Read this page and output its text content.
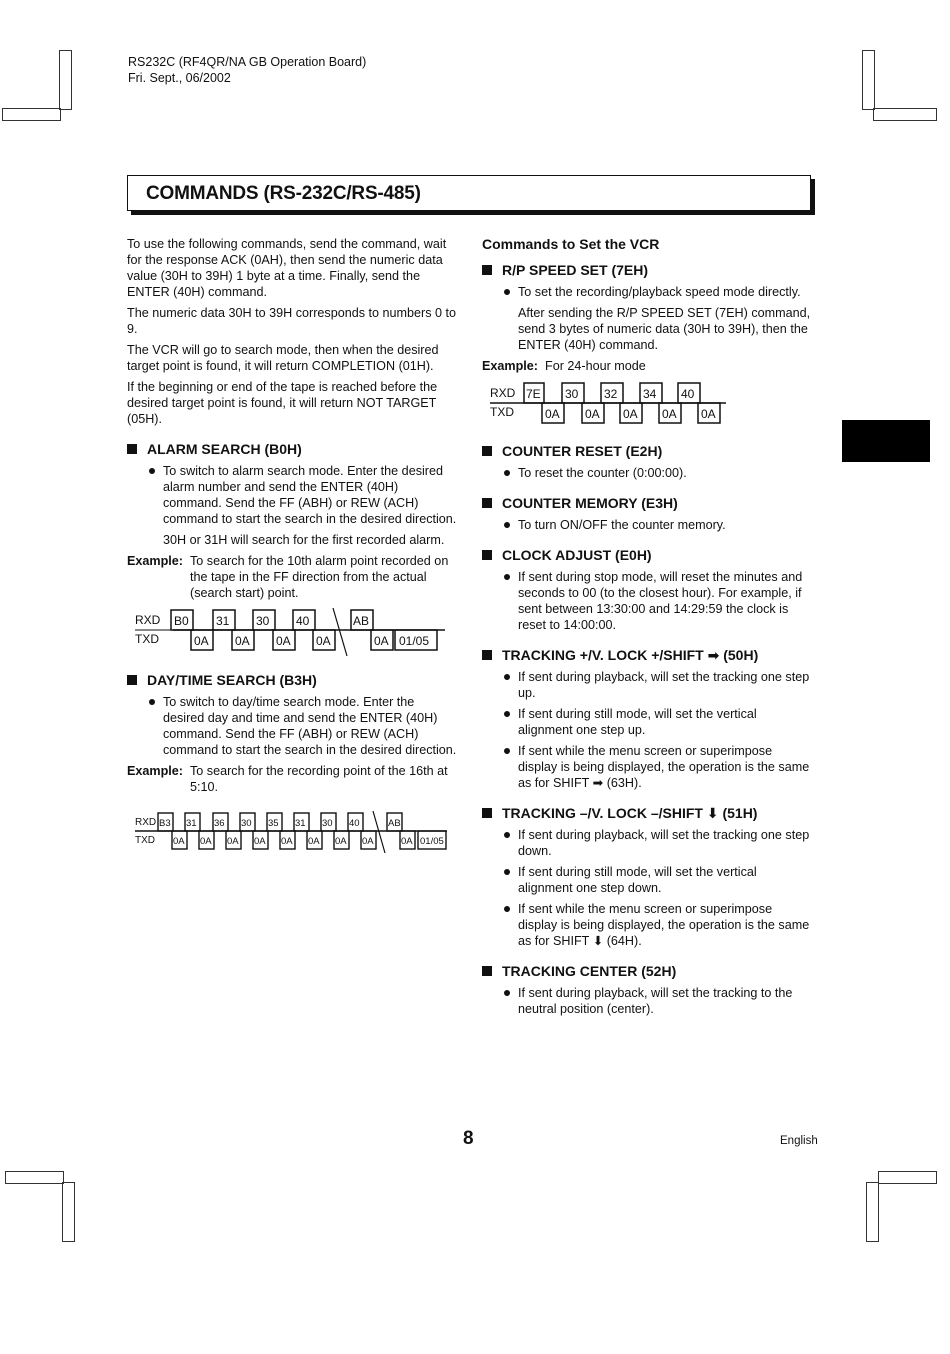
RS232C (RF4QR/NA GB Operation Board)
Fri. Sept., 06/2002
COMMANDS (RS-232C/RS-485)

To use the following commands, send the command, wait for the response ACK (0AH), then send the numeric data value (30H to 39H) 1 byte at a time. Finally, send the ENTER (40H) command.

The numeric data 30H to 39H corresponds to numbers 0 to 9.

The VCR will go to search mode, then when the desired target point is found, it will return COMPLETION (01H).

If the beginning or end of the tape is reached before the desired target point is found, it will return NOT TARGET (05H).

ALARM SEARCH (B0H)
To switch to alarm search mode. Enter the desired alarm number and send the ENTER (40H) command. Send the FF (ABH) or REW (ACH) command to start the search in the desired direction.
30H or 31H will search for the first recorded alarm.
Example: To search for the 10th alarm point recorded on the tape in the FF direction from the actual (search start) point.
RXD
TXD
B0 31 30 40	AB
0A 0A 0A 0A	0A 01/05
DAY/TIME SEARCH (B3H)
To switch to day/time search mode. Enter the desired day and time and send the ENTER (40H) command. Send the FF (ABH) or REW (ACH) command to start the search in the desired direction.
Example: To search for the recording point of the 16th at 5:10.
RXD
TXD
B3 31 36 30 35 31 30 40	AB
0A 0A 0A 0A 0A 0A 0A 0A	0A 01/05
Commands to Set the VCR
R/P SPEED SET (7EH)
To set the recording/playback speed mode directly.
After sending the R/P SPEED SET (7EH) command, send 3 bytes of numeric data (30H to 39H), then the ENTER (40H) command.
Example: For 24-hour mode
RXD
TXD
7E 30 32 34 40
0A 0A 0A 0A 0A
COUNTER RESET (E2H)
To reset the counter (0:00:00).
COUNTER MEMORY (E3H)
To turn ON/OFF the counter memory.
CLOCK ADJUST (E0H)
If sent during stop mode, will reset the minutes and seconds to 00 (to the closest hour). For example, if sent between 13:30:00 and 14:29:59 the clock is reset to 14:00:00.
TRACKING +/V. LOCK +/SHIFT ➡ (50H)
If sent during playback, will set the tracking one step up.
If sent during still mode, will set the vertical alignment one step up.
If sent while the menu screen or superimpose display is being displayed, the operation is the same as for SHIFT ➡ (63H).
TRACKING –/V. LOCK –/SHIFT ⬇ (51H)
If sent during playback, will set the tracking one step down.
If sent during still mode, will set the vertical alignment one step down.
If sent while the menu screen or superimpose display is being displayed, the operation is the same as for SHIFT ⬇ (64H).
TRACKING CENTER (52H)
If sent during playback, will set the tracking to the neutral position (center).
8	English
